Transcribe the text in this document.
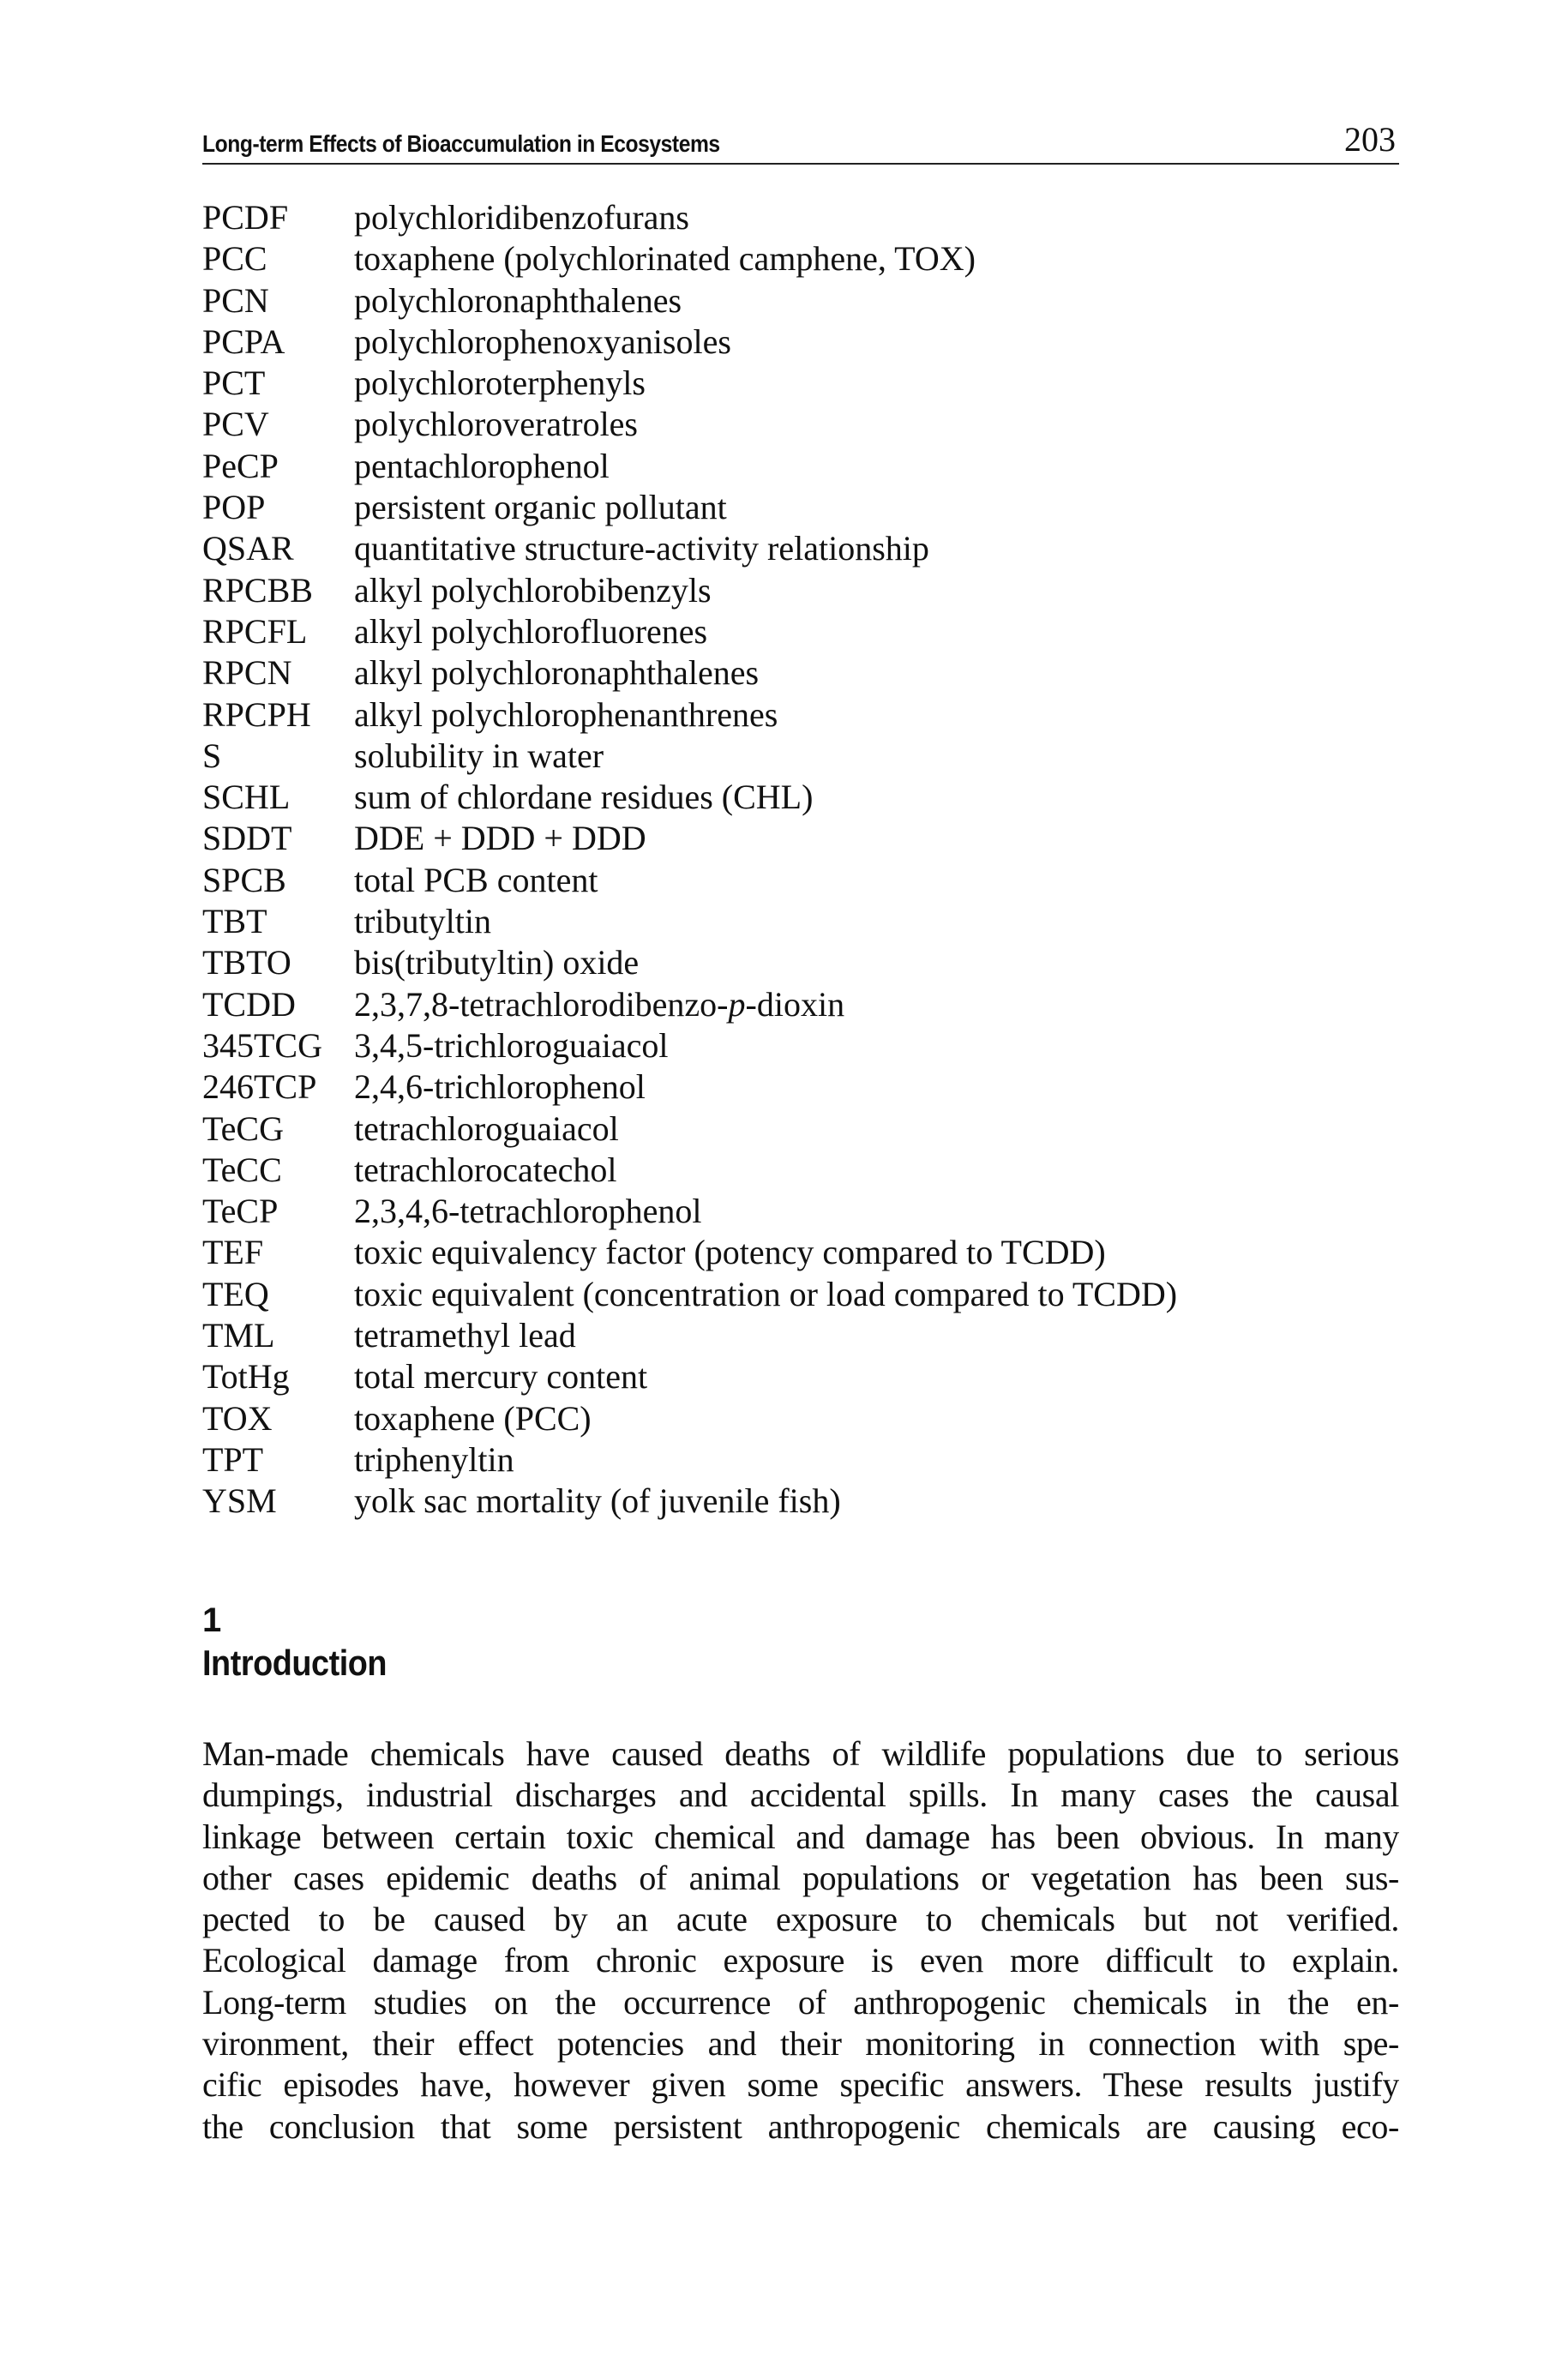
Long-term Effects of Bioaccumulation in Ecosystems	203
PCDF polychloridibenzofurans
PCC	toxaphene (polychlorinated camphene, TOX)
PCN polychloronaphthalenes
PCPA polychlorophenoxyanisoles
PCT	polychloroterphenyls
PCV polychloroveratroles
PeCP pentachlorophenol
POP	persistent organic pollutant
QSAR quantitative structure-activity relationship
RPCBB alkyl polychlorobibenzyls
RPCFL alkyl polychlorofluorenes
RPCN alkyl polychloronaphthalenes
RPCPH alkyl polychlorophenanthrenes
S	solubility in water
SCHL sum of chlordane residues (CHL)
SDDT DDE + DDD + DDD
SPCB total PCB content
TBT	tributyltin
TBTO bis(tributyltin) oxide
TCDD 2,3,7,8-tetrachlorodibenzo-p-dioxin
345TCG 3,4,5-trichloroguaiacol
246TCP 2,4,6-trichlorophenol
TeCG tetrachloroguaiacol
TeCC tetrachlorocatechol
TeCP 2,3,4,6-tetrachlorophenol
TEF	toxic equivalency factor (potency compared to TCDD)
TEQ toxic equivalent (concentration or load compared to TCDD)
TML tetramethyl lead
TotHg total mercury content
TOX toxaphene (PCC)
TPT	triphenyltin
YSM yolk sac mortality (of juvenile fish)
1
Introduction
Man-made chemicals have caused deaths of wildlife populations due to serious
dumpings, industrial discharges and accidental spills. In many cases the causal
linkage between certain toxic chemical and damage has been obvious. In many
other cases epidemic deaths of animal populations or vegetation has been sus-
pected to be caused by an acute exposure to chemicals but not verified.
Ecological damage from chronic exposure is even more difficult to explain.
Long-term studies on the occurrence of anthropogenic chemicals in the en-
vironment, their effect potencies and their monitoring in connection with spe-
cific episodes have, however given some specific answers. These results justify
the conclusion that some persistent anthropogenic chemicals are causing eco-
